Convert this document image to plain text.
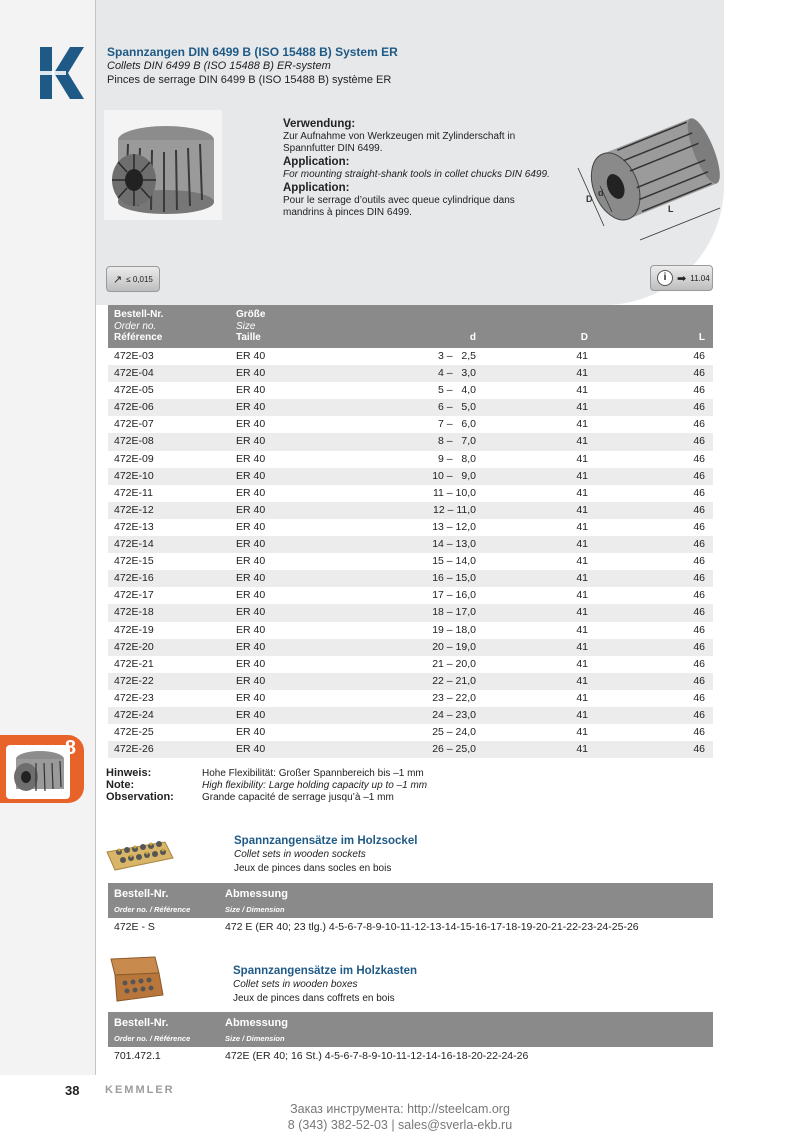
Spannzangen DIN 6499 B (ISO 15488 B) System ER
Collets DIN 6499 B (ISO 15488 B) ER-system
Pinces de serrage DIN 6499 B (ISO 15488 B) système ER
Verwendung:
Zur Aufnahme von Werkzeugen mit Zylinderschaft in Spannfutter DIN 6499.
Application:
For mounting straight-shank tools in collet chucks DIN 6499.
Application:
Pour le serrage d’outils avec queue cylindrique dans mandrins à pinces DIN 6499.
D
d
L
↗ ≤ 0,015	i ➡ 11.04
Bestell-Nr.
Order no.
Référence
Größe
Size
Taille	d	D	L
472E-03	ER 40	3 –   2,5	41	46
472E-04	ER 40	4 –   3,0	41	46
472E-05	ER 40	5 –   4,0	41	46
472E-06	ER 40	6 –   5,0	41	46
472E-07	ER 40	7 –   6,0	41	46
472E-08	ER 40	8 –   7,0	41	46
472E-09	ER 40	9 –   8,0	41	46
472E-10	ER 40	10 –   9,0	41	46
472E-11	ER 40	11 – 10,0	41	46
472E-12	ER 40	12 – 11,0	41	46
472E-13	ER 40	13 – 12,0	41	46
472E-14	ER 40	14 – 13,0	41	46
472E-15	ER 40	15 – 14,0	41	46
472E-16	ER 40	16 – 15,0	41	46
472E-17	ER 40	17 – 16,0	41	46
472E-18	ER 40	18 – 17,0	41	46
472E-19	ER 40	19 – 18,0	41	46
472E-20	ER 40	20 – 19,0	41	46
472E-21	ER 40	21 – 20,0	41	46
472E-22	ER 40	22 – 21,0	41	46
472E-23	ER 40	23 – 22,0	41	46
472E-24	ER 40	24 – 23,0	41	46
472E-25	ER 40	25 – 24,0	41	46
472E-26	ER 40	26 – 25,0	41	46
Hinweis:	Hohe Flexibilität: Großer Spannbereich bis –1 mm
Note:	High flexibility: Large holding capacity up to –1 mm
Observation:	Grande capacité de serrage jusqu’à –1 mm
8
Spannzangensätze im Holzsockel
Collet sets in wooden sockets
Jeux de pinces dans socles en bois
Bestell-Nr.
Order no. / Référence
Abmessung
Size / Dimension
472E - S	472 E (ER 40; 23 tlg.) 4-5-6-7-8-9-10-11-12-13-14-15-16-17-18-19-20-21-22-23-24-25-26
Spannzangensätze im Holzkasten
Collet sets in wooden boxes
Jeux de pinces dans coffrets en bois
Bestell-Nr.
Order no. / Référence
Abmessung
Size / Dimension
701.472.1	472E (ER 40; 16 St.) 4-5-6-7-8-9-10-11-12-14-16-18-20-22-24-26
38 KEMMLER
Заказ инструмента: http://steelcam.org
8 (343) 382-52-03 | sales@sverla-ekb.ru
